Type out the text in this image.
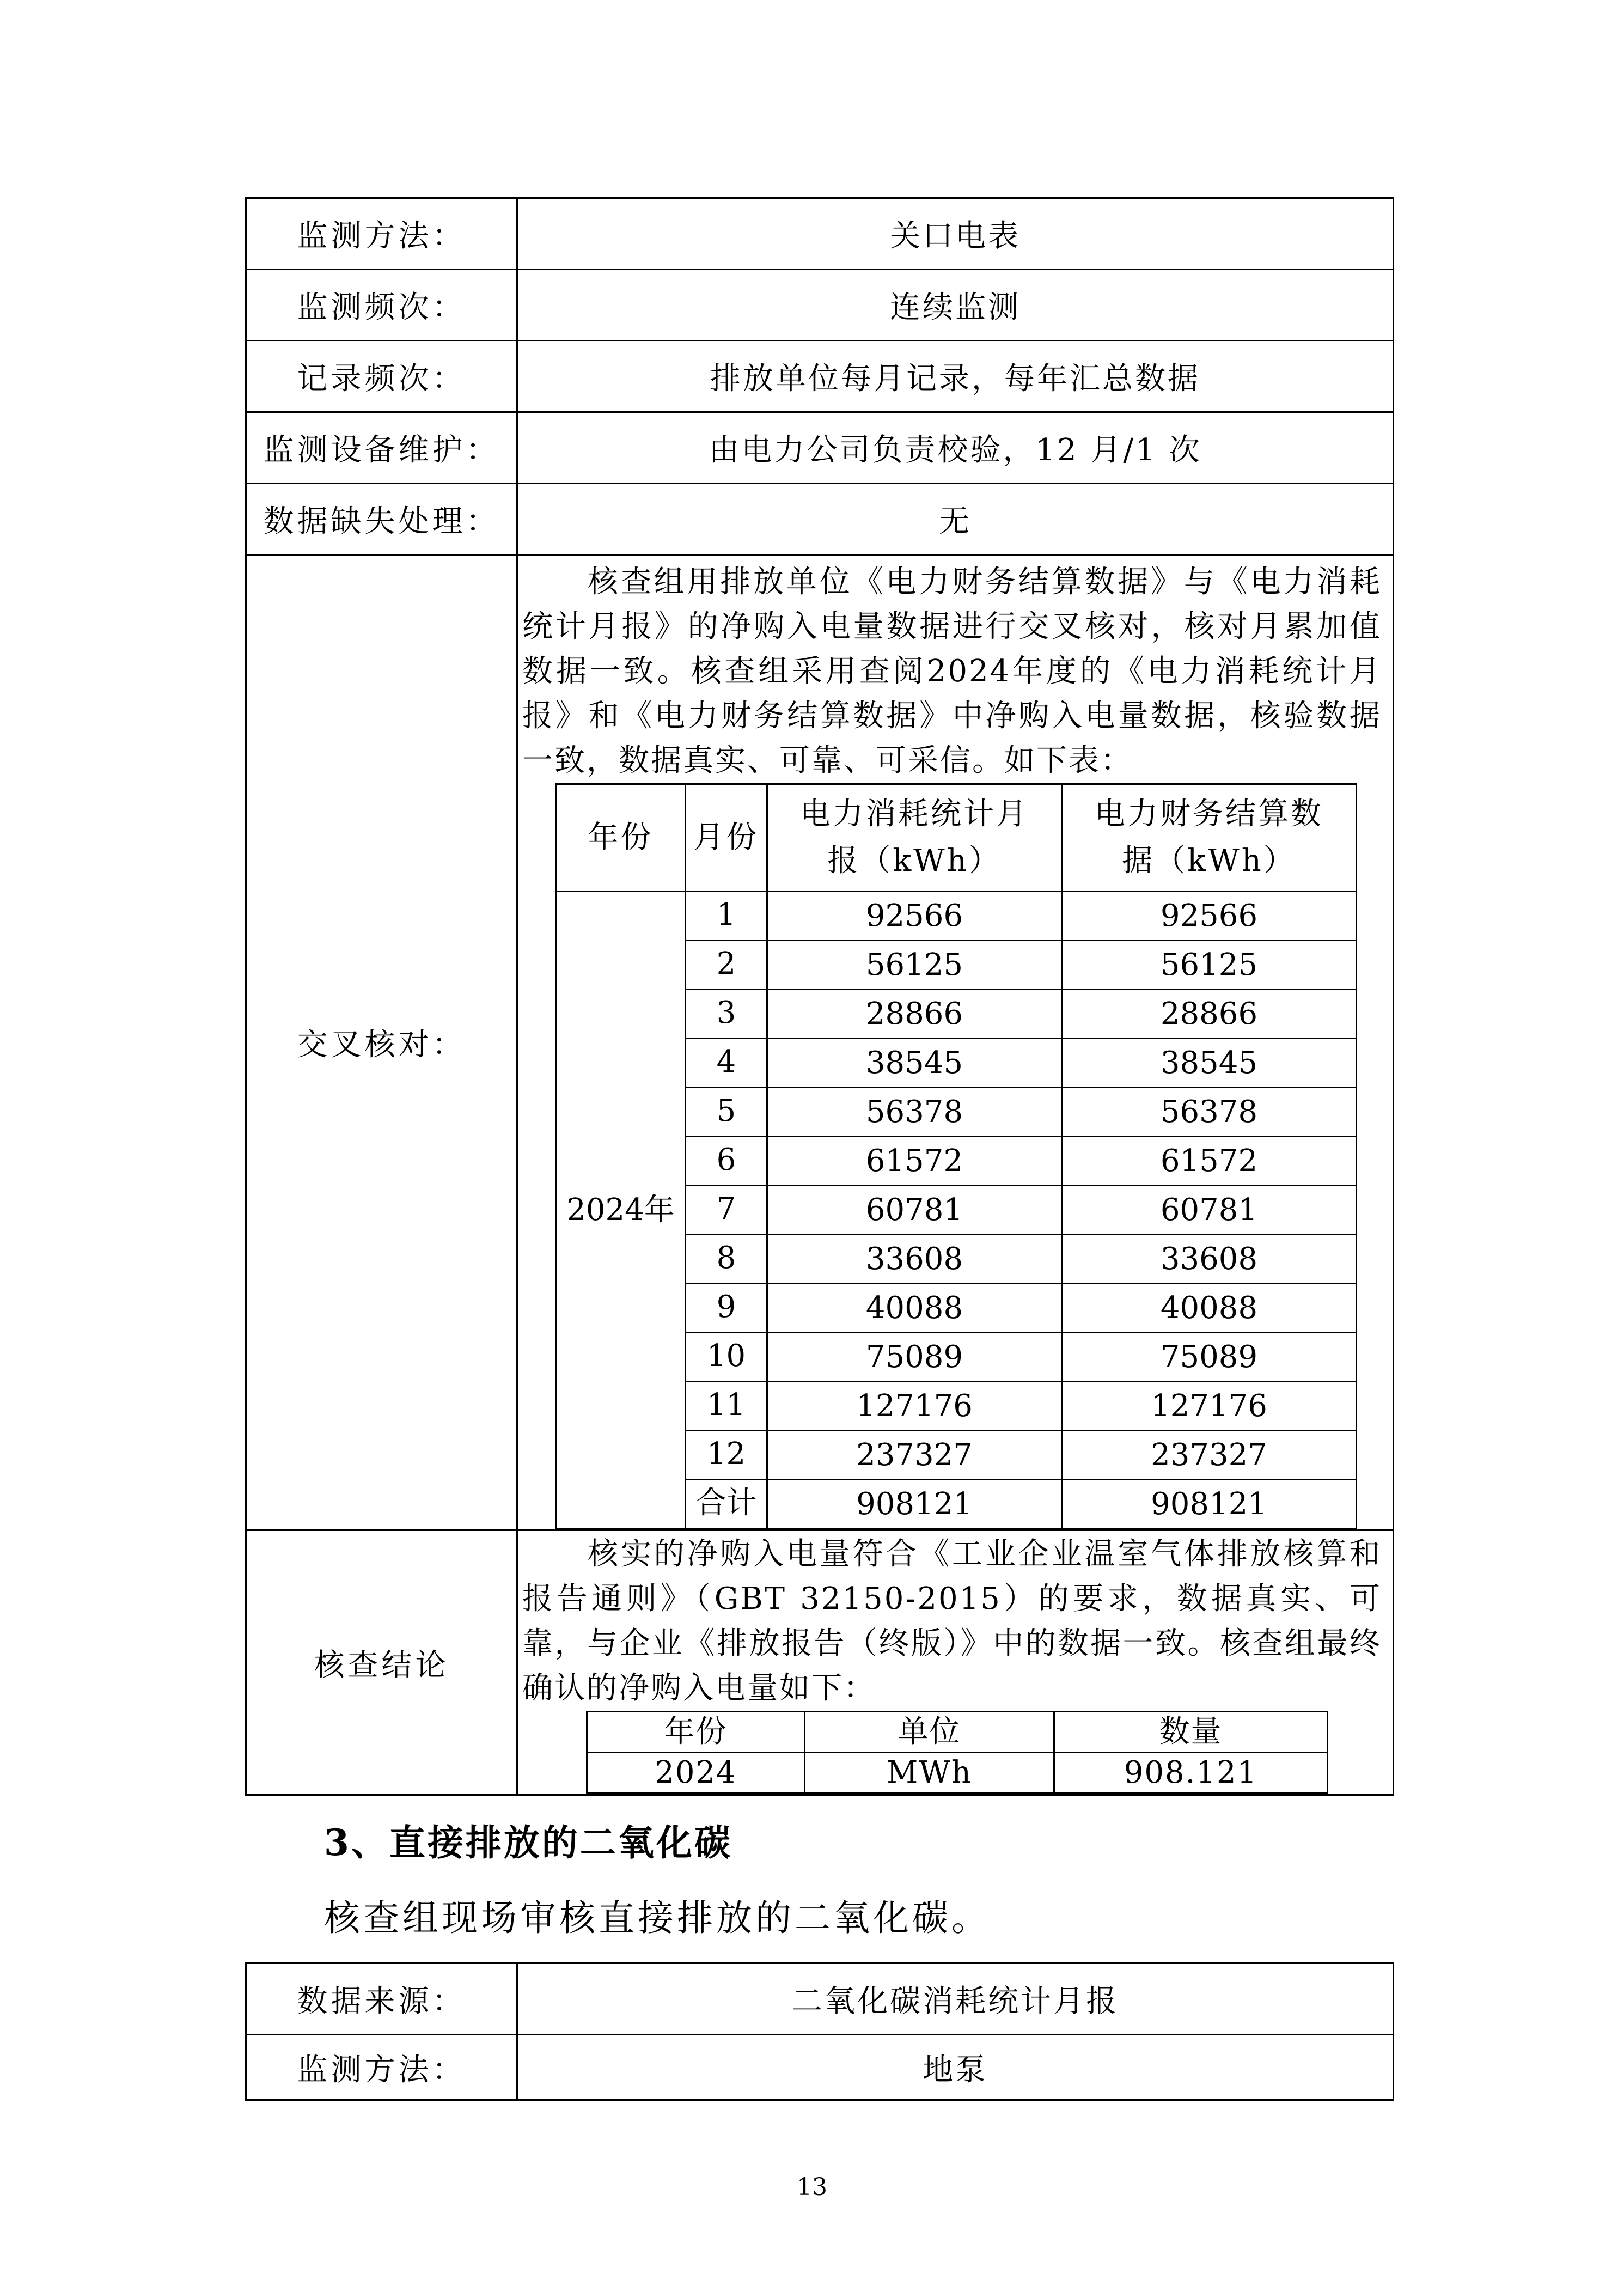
监测方法：	关口电表
监测频次：	连续监测
记录频次：	排放单位每月记录，每年汇总数据
监测设备维护：	由电力公司负责校验，12 月/1 次
数据缺失处理：	无
交叉核对：	
核查组用排放单位《电力财务结算数据》与《电力消耗统计月报》的净购入电量数据进行交叉核对，核对月累加值数据一致。核查组采用查阅2024年度的《电力消耗统计月报》和《电力财务结算数据》中净购入电量数据，核验数据一致，数据真实、可靠、可采信。如下表：
年份	月份	电力消耗统计月报（kWh）	电力财务结算数据（kWh）
2024年	1	92566	92566
2	56125	56125
3	28866	28866
4	38545	38545
5	56378	56378
6	61572	61572
7	60781	60781
8	33608	33608
9	40088	40088
10	75089	75089
11	127176	127176
12	237327	237327
合计	908121	908121

核查结论	
核实的净购入电量符合《工业企业温室气体排放核算和报告通则》（GBT 32150-2015）的要求，数据真实、可靠，与企业《排放报告（终版）》中的数据一致。核查组最终确认的净购入电量如下：
年份	单位	数量
2024	MWh	908.121
3、直接排放的二氧化碳
核查组现场审核直接排放的二氧化碳。
数据来源：	二氧化碳消耗统计月报
监测方法：	地泵
13
